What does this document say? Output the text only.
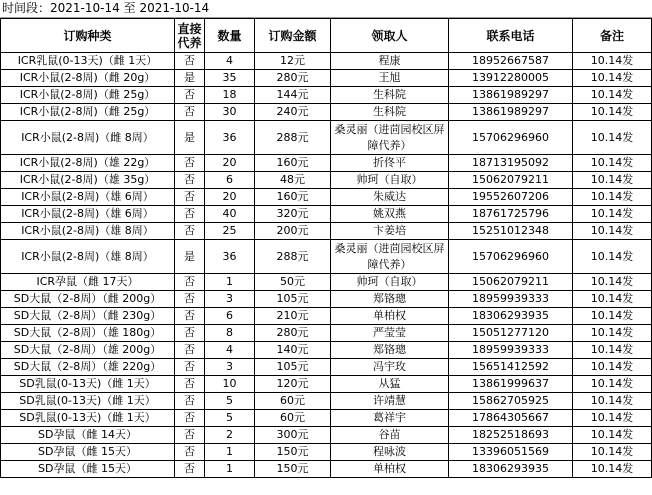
时间段：2021-10-14 至 2021-10-14
订购种类	直接代养	数量	订购金额	领取人	联系电话	备注
ICR乳鼠(0-13天)（雌 1天）	否	4	12元	程康	18952667587	10.14发
ICR小鼠(2-8周)（雌 20g）	是	35	280元	王旭	13912280005	10.14发
ICR小鼠(2-8周)（雌 25g）	否	18	144元	生科院	13861989297	10.14发
ICR小鼠(2-8周)（雌 25g）	否	30	240元	生科院	13861989297	10.14发
ICR小鼠(2-8周)（雌 8周）	是	36	288元	桑灵丽（进茴园校区屏障代养）	15706296960	10.14发
ICR小鼠(2-8周)（雄 22g）	否	20	160元	折佟平	18713195092	10.14发
ICR小鼠(2-8周)（雄 35g）	否	6	48元	帅珂（自取）	15062079211	10.14发
ICR小鼠(2-8周)（雄 6周）	否	20	160元	朱威达	19552607206	10.14发
ICR小鼠(2-8周)（雄 6周）	否	40	320元	姚双燕	18761725796	10.14发
ICR小鼠(2-8周)（雄 8周）	否	25	200元	卞姜培	15251012348	10.14发
ICR小鼠(2-8周)（雄 8周）	是	36	288元	桑灵丽（进茴园校区屏障代养）	15706296960	10.14发
ICR孕鼠（雌 17天）	否	1	50元	帅珂（自取）	15062079211	10.14发
SD大鼠（2-8周）（雌 200g）	否	3	105元	郑铬璁	18959939333	10.14发
SD大鼠（2-8周）（雌 230g）	否	6	210元	单柏权	18306293935	10.14发
SD大鼠（2-8周）（雄 180g）	否	8	280元	严莹莹	15051277120	10.14发
SD大鼠（2-8周）（雄 200g）	否	4	140元	郑铬璁	18959939333	10.14发
SD大鼠（2-8周）（雄 220g）	否	3	105元	冯宇玫	15651412592	10.14发
SD乳鼠(0-13天)（雌 1天）	否	10	120元	从猛	13861999637	10.14发
SD乳鼠(0-13天)（雌 1天）	否	5	60元	许靖慧	15862705925	10.14发
SD乳鼠(0-13天)（雌 1天）	否	5	60元	葛祥宇	17864305667	10.14发
SD孕鼠（雌 14天）	否	2	300元	谷苗	18252518693	10.14发
SD孕鼠（雌 15天）	否	1	150元	程咏波	13396051569	10.14发
SD孕鼠（雌 15天）	否	1	150元	单柏权	18306293935	10.14发
